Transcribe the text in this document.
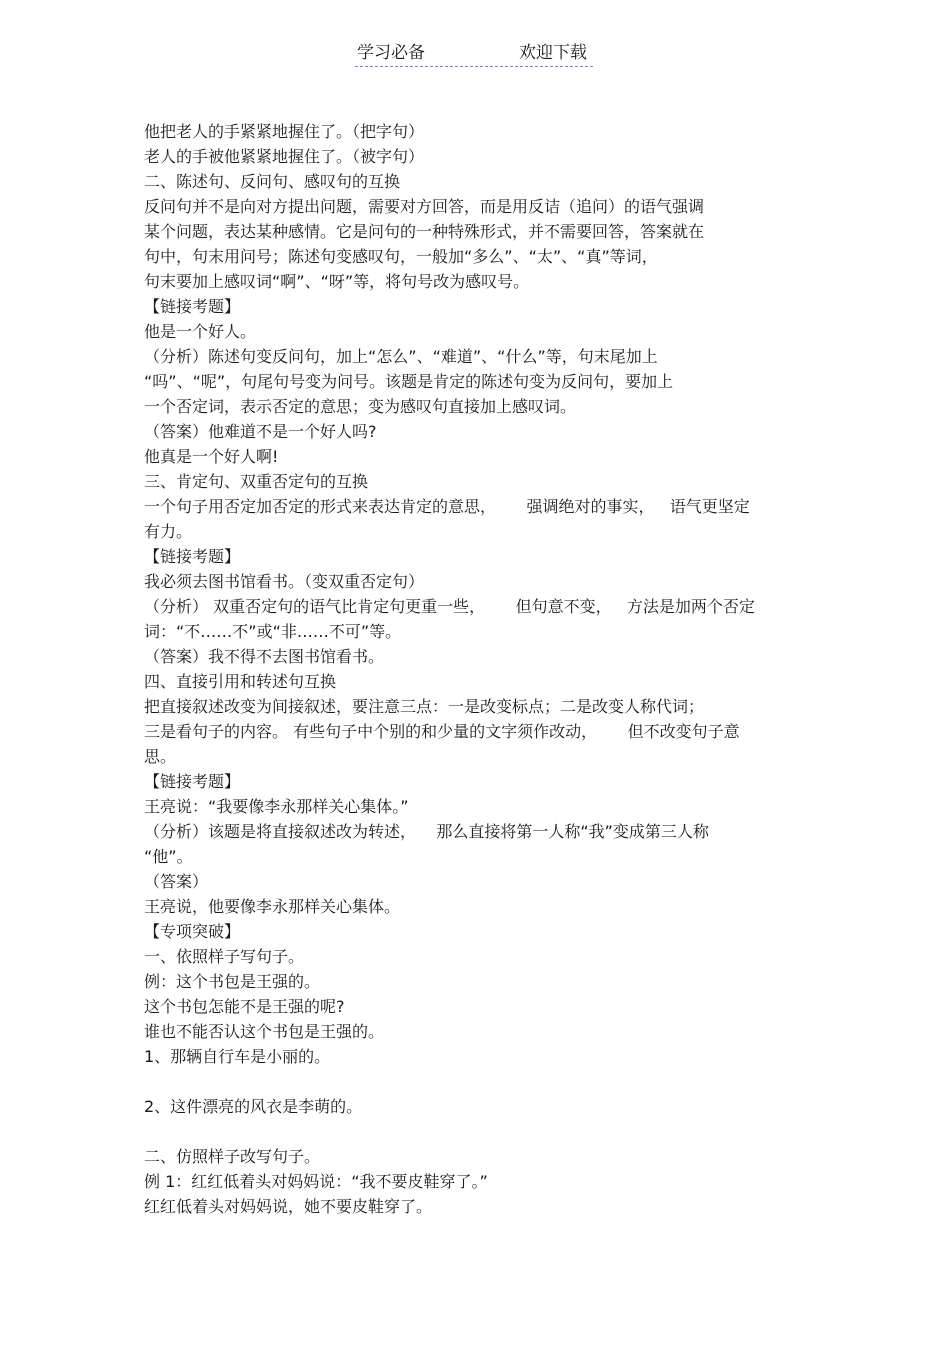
学习必备	欢迎下载
他把老人的手紧紧地握住了。（把字句）
老人的手被他紧紧地握住了。（被字句）
二、陈述句、反问句、感叹句的互换
反问句并不是向对方提出问题，需要对方回答，而是用反诘（追问）的语气强调
某个问题，表达某种感情。它是问句的一种特殊形式，并不需要回答，答案就在
句中，句末用问号；陈述句变感叹句，一般加“多么”、“太”、“真”等词，
句末要加上感叹词“啊”、“呀”等，将句号改为感叹号。
【链接考题】
他是一个好人。
（分析）陈述句变反问句，加上“怎么”、“难道”、“什么”等，句末尾加上
“吗”、“呢”，句尾句号变为问号。该题是肯定的陈述句变为反问句，要加上
一个否定词，表示否定的意思；变为感叹句直接加上感叹词。
（答案）他难道不是一个好人吗?
他真是一个好人啊!
三、肯定句、双重否定句的互换
一个句子用否定加否定的形式来表达肯定的意思，      强调绝对的事实，   语气更坚定
有力。
【链接考题】
我必须去图书馆看书。（变双重否定句）
（分析） 双重否定句的语气比肯定句更重一些，      但句意不变，   方法是加两个否定
词：“不……不”或“非……不可”等。
（答案）我不得不去图书馆看书。
四、直接引用和转述句互换
把直接叙述改变为间接叙述，要注意三点：一是改变标点；二是改变人称代词；
三是看句子的内容。 有些句子中个别的和少量的文字须作改动，      但不改变句子意
思。
【链接考题】
王亮说：“我要像李永那样关心集体。”
（分析）该题是将直接叙述改为转述，    那么直接将第一人称“我”变成第三人称
“他”。
（答案）
王亮说，他要像李永那样关心集体。
【专项突破】
一、依照样子写句子。
例：这个书包是王强的。
这个书包怎能不是王强的呢?
谁也不能否认这个书包是王强的。
1、那辆自行车是小丽的。
2、这件漂亮的风衣是李萌的。
二、仿照样子改写句子。
例 1：红红低着头对妈妈说：“我不要皮鞋穿了。”
红红低着头对妈妈说，她不要皮鞋穿了。
